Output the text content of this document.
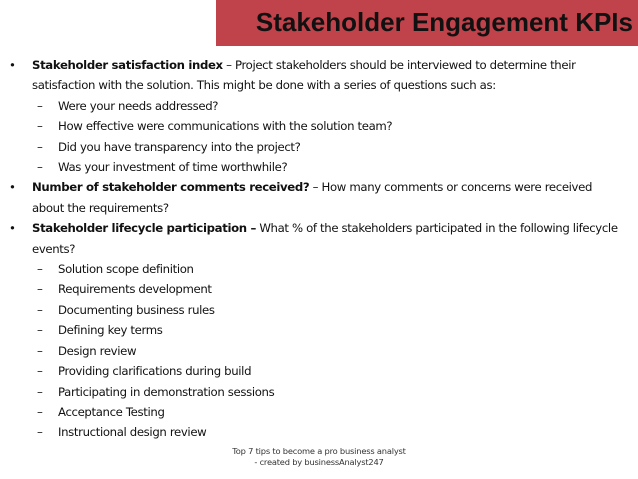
Stakeholder Engagement KPIs
• Stakeholder satisfaction index – Project stakeholders should be interviewed to determine their satisfaction with the solution. This might be done with a series of questions such as:
– Were your needs addressed?
– How effective were communications with the solution team?
– Did you have transparency into the project?
– Was your investment of time worthwhile?
• Number of stakeholder comments received? – How many comments or concerns were received about the requirements?
• Stakeholder lifecycle participation – What % of the stakeholders participated in the following lifecycle events?
– Solution scope definition
– Requirements development
– Documenting business rules
– Defining key terms
– Design review
– Providing clarifications during build
– Participating in demonstration sessions
– Acceptance Testing
– Instructional design review
Top 7 tips to become a pro business analyst
- created by businessAnalyst247
